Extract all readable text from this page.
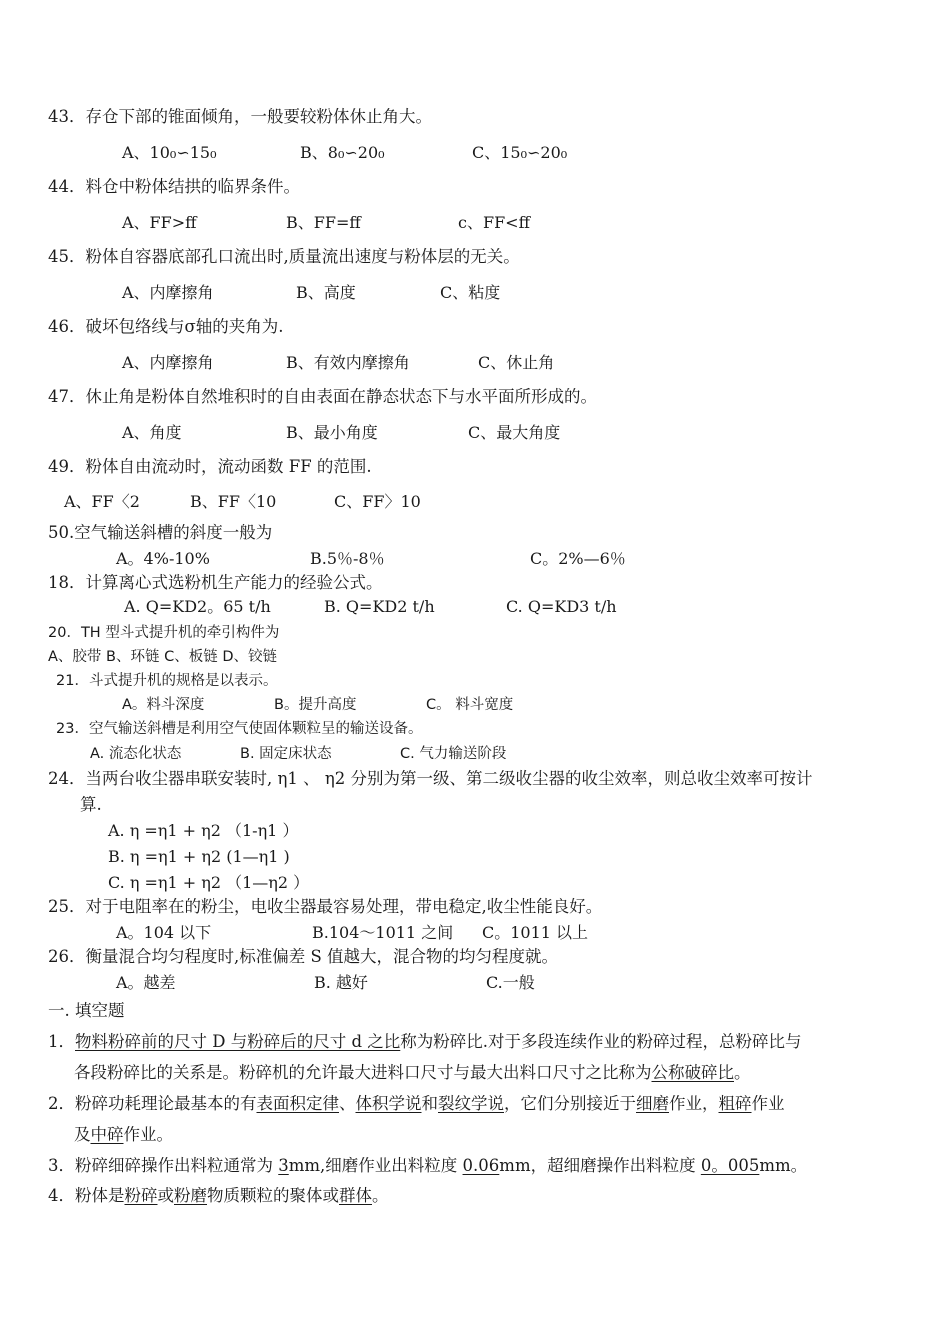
43．存仓下部的锥面倾角，一般要较粉体休止角大。
A、10₀∽15₀	B、8₀∽20₀	C、15₀∽20₀
44．料仓中粉体结拱的临界条件。
A、FF>ff	B、FF=ff	c、FF<ff
45．粉体自容器底部孔口流出时,质量流出速度与粉体层的无关。
A、内摩擦角	B、高度	C、粘度
46．破坏包络线与σ轴的夹角为.
A、内摩擦角	B、有效内摩擦角	C、休止角
47．休止角是粉体自然堆积时的自由表面在静态状态下与水平面所形成的。
A、角度	B、最小角度	C、最大角度
49．粉体自由流动时，流动函数 FF 的范围.
A、FF〈2	B、FF〈10	C、FF〉10
50.空气输送斜槽的斜度一般为
A。4%-10%	B.5％-8％	C。2%—6％
18．计算离心式选粉机生产能力的经验公式。
A. Q=KD2。65 t/h	B. Q=KD2 t/h	C. Q=KD3 t/h
20．TH 型斗式提升机的牵引构件为
A、胶带 B、环链 C、板链 D、铰链
21．斗式提升机的规格是以表示。
A。料斗深度	B。提升高度	C。 料斗宽度
23．空气输送斜槽是利用空气使固体颗粒呈的输送设备。
A. 流态化状态	B. 固定床状态	C. 气力输送阶段
24．当两台收尘器串联安装时, η1 、 η2 分别为第一级、第二级收尘器的收尘效率，则总收尘效率可按计
算.
A. η =η1 + η2 （1-η1 ）
B. η =η1 + η2 (1—η1 )
C. η =η1 + η2 （1—η2 ）
25．对于电阻率在的粉尘，电收尘器最容易处理，带电稳定,收尘性能良好。
A。104 以下	B.104～1011 之间 C。1011 以上
26．衡量混合均匀程度时,标准偏差 S 值越大，混合物的均匀程度就。
A。越差	B. 越好	C.一般
一. 填空题
1．物料粉碎前的尺寸 D 与粉碎后的尺寸 d 之比称为粉碎比.对于多段连续作业的粉碎过程，总粉碎比与
各段粉碎比的关系是。粉碎机的允许最大进料口尺寸与最大出料口尺寸之比称为公称破碎比。
2．粉碎功耗理论最基本的有表面积定律、体积学说和裂纹学说，它们分别接近于细磨作业，粗碎作业
及中碎作业。
3．粉碎细碎操作出料粒通常为 3mm,细磨作业出料粒度 0.06mm，超细磨操作出料粒度 0。005mm。
4．粉体是粉碎或粉磨物质颗粒的聚体或群体。
